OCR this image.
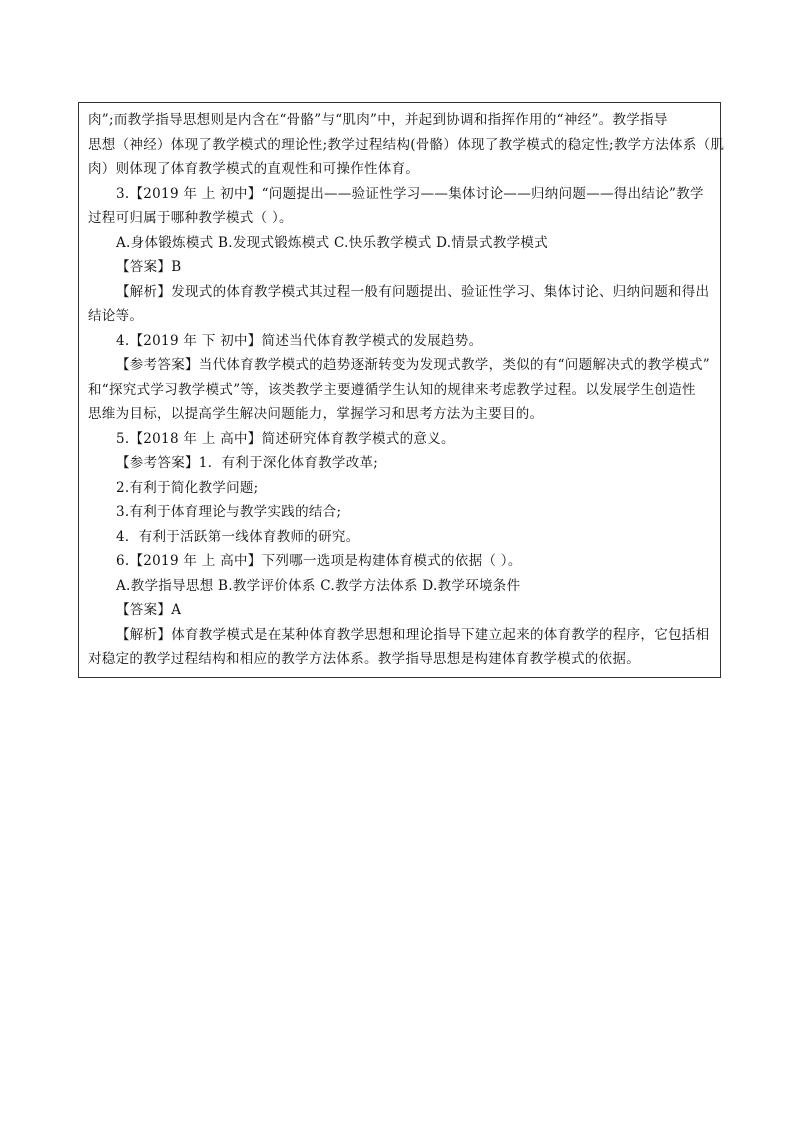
肉”;而教学指导思想则是内含在“骨骼”与“肌肉”中，并起到协调和指挥作用的“神经”。教学指导
思想（神经）体现了教学模式的理论性;教学过程结构(骨骼）体现了教学模式的稳定性;教学方法体系（肌
肉）则体现了体育教学模式的直观性和可操作性体育。
3.【2019 年 上 初中】“问题提出——验证性学习——集体讨论——归纳问题——得出结论”教学
过程可归属于哪种教学模式（ ）。
A.身体锻炼模式 B.发现式锻炼模式 C.快乐教学模式 D.情景式教学模式
【答案】B
【解析】发现式的体育教学模式其过程一般有问题提出、验证性学习、集体讨论、归纳问题和得出
结论等。
4.【2019 年 下 初中】简述当代体育教学模式的发展趋势。
【参考答案】当代体育教学模式的趋势逐渐转变为发现式教学，类似的有“问题解决式的教学模式”
和“探究式学习教学模式”等，该类教学主要遵循学生认知的规律来考虑教学过程。以发展学生创造性
思维为目标，以提高学生解决问题能力，掌握学习和思考方法为主要目的。
5.【2018 年 上 高中】简述研究体育教学模式的意义。
【参考答案】1．有利于深化体育教学改革;
2.有利于简化教学问题;
3.有利于体育理论与教学实践的结合;
4．有利于活跃第一线体育教师的研究。
6.【2019 年 上 高中】下列哪一选项是构建体育模式的依据（ ）。
A.教学指导思想 B.教学评价体系 C.教学方法体系 D.教学环境条件
【答案】A
【解析】体育教学模式是在某种体育教学思想和理论指导下建立起来的体育教学的程序，它包括相
对稳定的教学过程结构和相应的教学方法体系。教学指导思想是构建体育教学模式的依据。
